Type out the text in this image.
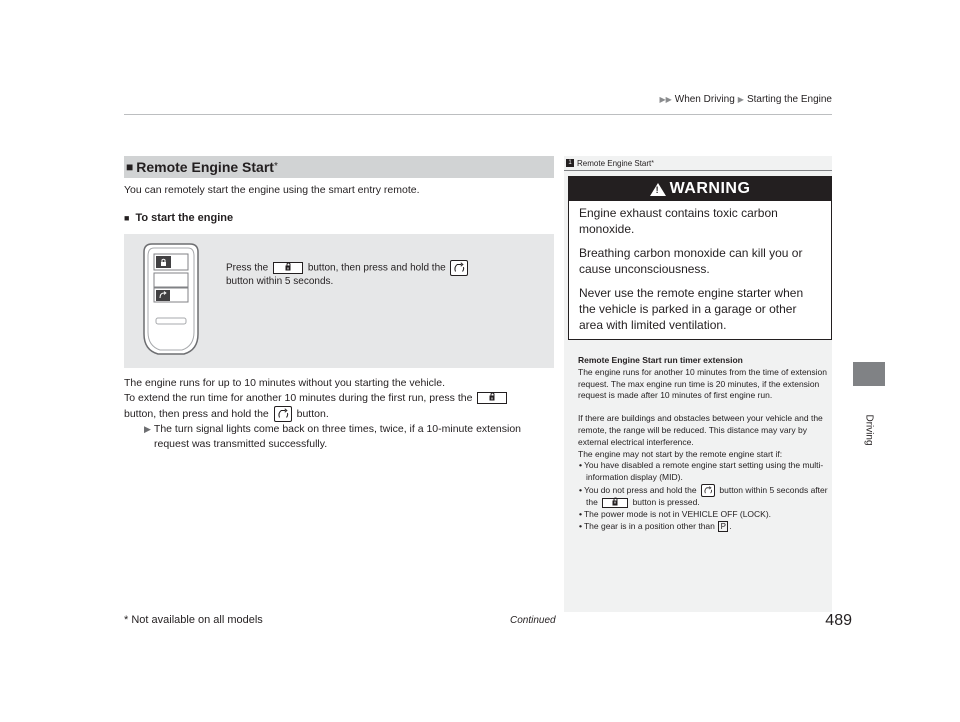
▶▶ When Driving ▶ Starting the Engine
Driving
■ Remote Engine Start*
You can remotely start the engine using the smart entry remote.
■ To start the engine
Press the	button, then press and hold the

button within 5 seconds.

The engine runs for up to 10 minutes without you starting the vehicle.

To extend the run time for another 10 minutes during the first run, press the

button, then press and hold the	button.

▶ The turn signal lights come back on three times, twice, if a 10-minute extension request was transmitted successfully.

1 Remote Engine Start *
! WARNING

Engine exhaust contains toxic carbon monoxide.

Breathing carbon monoxide can kill you or cause unconsciousness.

Never use the remote engine starter when the vehicle is parked in a garage or other area with limited ventilation.

Remote Engine Start run timer extension

The engine runs for another 10 minutes from the time of extension request. The max engine run time is 20 minutes, if the extension request is made after 10 minutes of first engine run.

If there are buildings and obstacles between your vehicle and the remote, the range will be reduced. This distance may vary by external electrical interference.

The engine may not start by the remote engine start if:

• You have disabled a remote engine start setting using the multi-information display (MID).
• You do not press and hold the	button within 5 seconds after the	button is pressed.
• The power mode is not in VEHICLE OFF (LOCK).
• The gear is in a position other than P .
* Not available on all models	Continued	489
